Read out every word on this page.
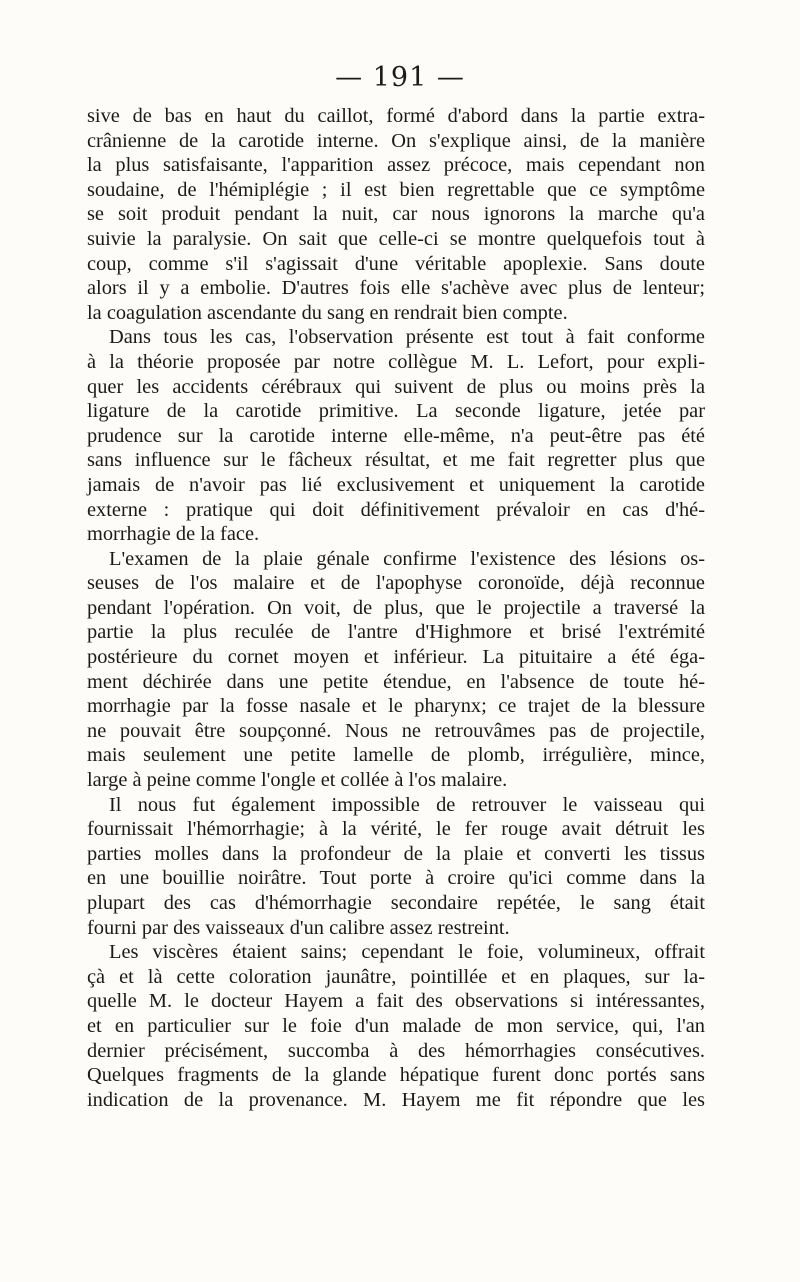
— 191 —

sive de bas en haut du caillot, formé d'abord dans la partie extra-
crânienne de la carotide interne. On s'explique ainsi, de la manière
la plus satisfaisante, l'apparition assez précoce, mais cependant non
soudaine, de l'hémiplégie ; il est bien regrettable que ce symptôme
se soit produit pendant la nuit, car nous ignorons la marche qu'a
suivie la paralysie. On sait que celle-ci se montre quelquefois tout à
coup, comme s'il s'agissait d'une véritable apoplexie. Sans doute
alors il y a embolie. D'autres fois elle s'achève avec plus de lenteur;
la coagulation ascendante du sang en rendrait bien compte.

Dans tous les cas, l'observation présente est tout à fait conforme
à la théorie proposée par notre collègue M. L. Lefort, pour expli-
quer les accidents cérébraux qui suivent de plus ou moins près la
ligature de la carotide primitive. La seconde ligature, jetée par
prudence sur la carotide interne elle-même, n'a peut-être pas été
sans influence sur le fâcheux résultat, et me fait regretter plus que
jamais de n'avoir pas lié exclusivement et uniquement la carotide
externe : pratique qui doit définitivement prévaloir en cas d'hé-
morrhagie de la face.

L'examen de la plaie génale confirme l'existence des lésions os-
seuses de l'os malaire et de l'apophyse coronoïde, déjà reconnue
pendant l'opération. On voit, de plus, que le projectile a traversé la
partie la plus reculée de l'antre d'Highmore et brisé l'extrémité
postérieure du cornet moyen et inférieur. La pituitaire a été éga-
ment déchirée dans une petite étendue, en l'absence de toute hé-
morrhagie par la fosse nasale et le pharynx; ce trajet de la blessure
ne pouvait être soupçonné. Nous ne retrouvâmes pas de projectile,
mais seulement une petite lamelle de plomb, irrégulière, mince,
large à peine comme l'ongle et collée à l'os malaire.

Il nous fut également impossible de retrouver le vaisseau qui
fournissait l'hémorrhagie; à la vérité, le fer rouge avait détruit les
parties molles dans la profondeur de la plaie et converti les tissus
en une bouillie noirâtre. Tout porte à croire qu'ici comme dans la
plupart des cas d'hémorrhagie secondaire repétée, le sang était
fourni par des vaisseaux d'un calibre assez restreint.

Les viscères étaient sains; cependant le foie, volumineux, offrait
çà et là cette coloration jaunâtre, pointillée et en plaques, sur la-
quelle M. le docteur Hayem a fait des observations si intéressantes,
et en particulier sur le foie d'un malade de mon service, qui, l'an
dernier précisément, succomba à des hémorrhagies consécutives.
Quelques fragments de la glande hépatique furent donc portés sans
indication de la provenance. M. Hayem me fit répondre que les
